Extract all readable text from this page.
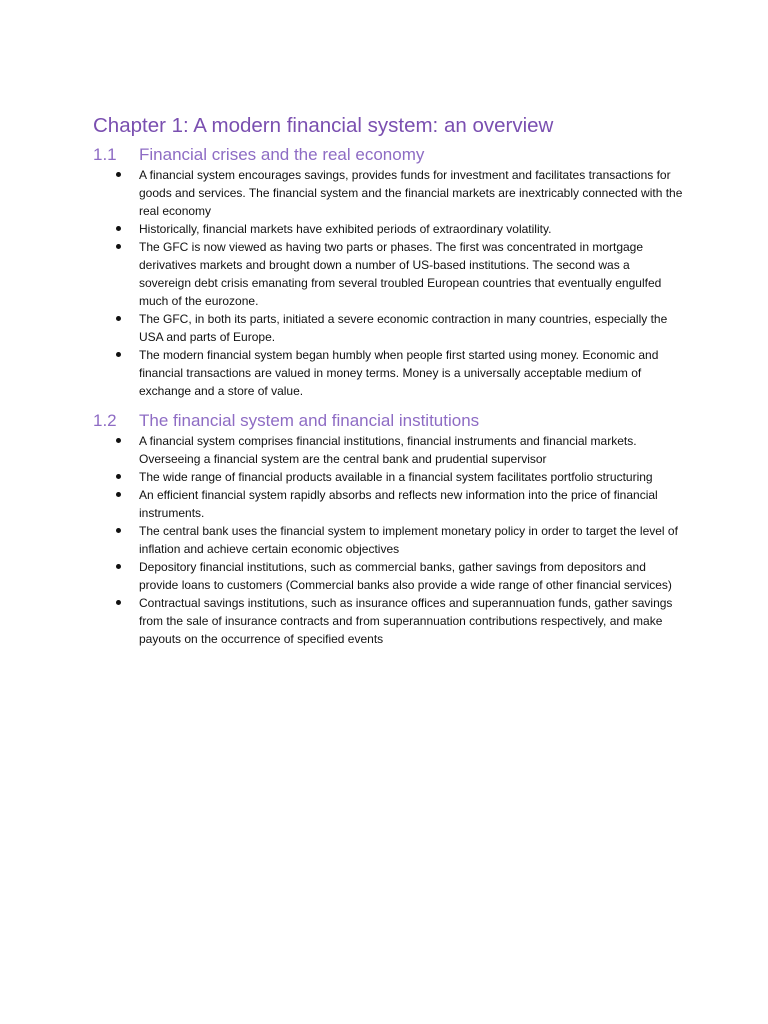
Chapter 1: A modern financial system: an overview
1.1	Financial crises and the real economy
A financial system encourages savings, provides funds for investment and facilitates transactions for goods and services. The financial system and the financial markets are inextricably connected with the real economy
Historically, financial markets have exhibited periods of extraordinary volatility.
The GFC is now viewed as having two parts or phases. The first was concentrated in mortgage derivatives markets and brought down a number of US-based institutions. The second was a sovereign debt crisis emanating from several troubled European countries that eventually engulfed much of the eurozone.
The GFC, in both its parts, initiated a severe economic contraction in many countries, especially the USA and parts of Europe.
The modern financial system began humbly when people first started using money. Economic and financial transactions are valued in money terms. Money is a universally acceptable medium of exchange and a store of value.
1.2	The financial system and financial institutions
A financial system comprises financial institutions, financial instruments and financial markets. Overseeing a financial system are the central bank and prudential supervisor
The wide range of financial products available in a financial system facilitates portfolio structuring
An efficient financial system rapidly absorbs and reflects new information into the price of financial instruments.
The central bank uses the financial system to implement monetary policy in order to target the level of inflation and achieve certain economic objectives
Depository financial institutions, such as commercial banks, gather savings from depositors and provide loans to customers (Commercial banks also provide a wide range of other financial services)
Contractual savings institutions, such as insurance offices and superannuation funds, gather savings from the sale of insurance contracts and from superannuation contributions respectively, and make payouts on the occurrence of specified events
